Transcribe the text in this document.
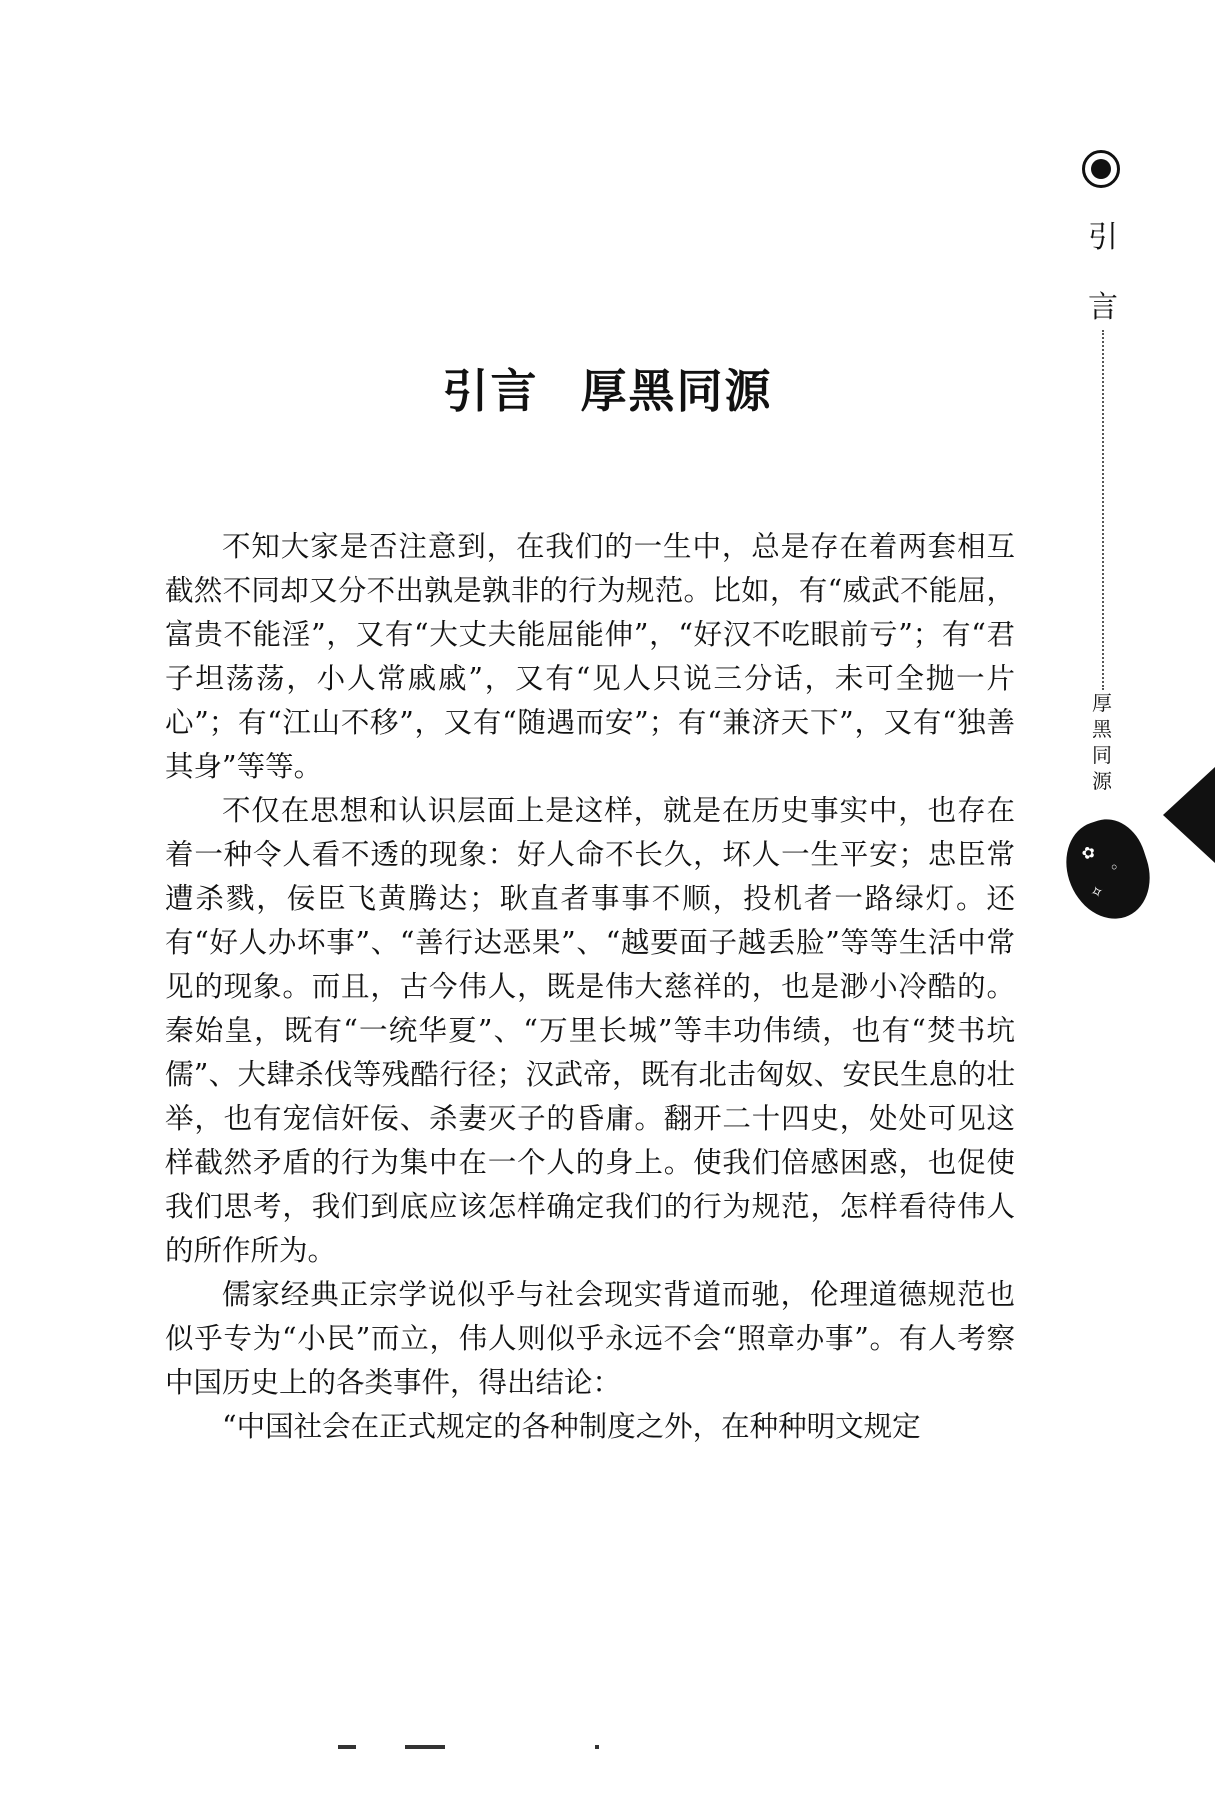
引言 厚黑同源

不知大家是否注意到，在我们的一生中，总是存在着两套相互截然不同却又分不出孰是孰非的行为规范。比如，有“威武不能屈，富贵不能淫”，又有“大丈夫能屈能伸”，“好汉不吃眼前亏”；有“君子坦荡荡，小人常戚戚”，又有“见人只说三分话，未可全抛一片心”；有“江山不移”，又有“随遇而安”；有“兼济天下”，又有“独善其身”等等。

不仅在思想和认识层面上是这样，就是在历史事实中，也存在着一种令人看不透的现象：好人命不长久，坏人一生平安；忠臣常遭杀戮，佞臣飞黄腾达；耿直者事事不顺，投机者一路绿灯。还有“好人办坏事”、“善行达恶果”、“越要面子越丢脸”等等生活中常见的现象。而且，古今伟人，既是伟大慈祥的，也是渺小冷酷的。秦始皇，既有“一统华夏”、“万里长城”等丰功伟绩，也有“焚书坑儒”、大肆杀伐等残酷行径；汉武帝，既有北击匈奴、安民生息的壮举，也有宠信奸佞、杀妻灭子的昏庸。翻开二十四史，处处可见这样截然矛盾的行为集中在一个人的身上。使我们倍感困惑，也促使我们思考，我们到底应该怎样确定我们的行为规范，怎样看待伟人的所作所为。

儒家经典正宗学说似乎与社会现实背道而驰，伦理道德规范也似乎专为“小民”而立，伟人则似乎永远不会“照章办事”。有人考察中国历史上的各类事件，得出结论：

“中国社会在正式规定的各种制度之外，在种种明文规定

引
言
厚
黑
同
源
✿
◦
✧
